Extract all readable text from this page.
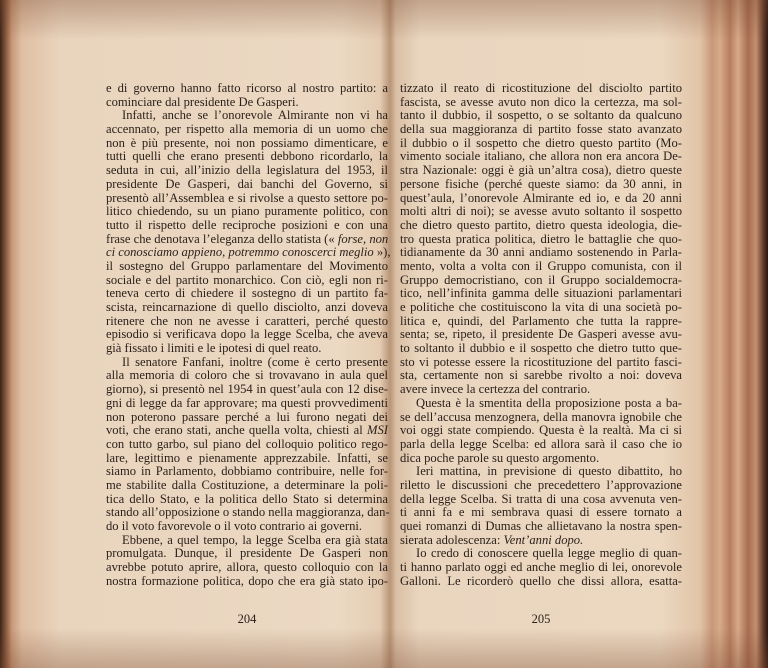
e di governo hanno fatto ricorso al nostro partito: a
cominciare dal presidente De Gasperi.
Infatti, anche se l’onorevole Almirante non vi ha
accennato, per rispetto alla memoria di un uomo che
non è più presente, noi non possiamo dimenticare, e
tutti quelli che erano presenti debbono ricordarlo, la
seduta in cui, all’inizio della legislatura del 1953, il
presidente De Gasperi, dai banchi del Governo, si
presentò all’Assemblea e si rivolse a questo settore po-
litico chiedendo, su un piano puramente politico, con
tutto il rispetto delle reciproche posizioni e con una
frase che denotava l’eleganza dello statista (« forse, non
ci conosciamo appieno, potremmo conoscerci meglio »),
il sostegno del Gruppo parlamentare del Movimento
sociale e del partito monarchico. Con ciò, egli non ri-
teneva certo di chiedere il sostegno di un partito fa-
scista, reincarnazione di quello disciolto, anzi doveva
ritenere che non ne avesse i caratteri, perché questo
episodio si verificava dopo la legge Scelba, che aveva
già fissato i limiti e le ipotesi di quel reato.
Il senatore Fanfani, inoltre (come è certo presente
alla memoria di coloro che si trovavano in aula quel
giorno), si presentò nel 1954 in quest’aula con 12 dise-
gni di legge da far approvare; ma questi provvedimenti
non poterono passare perché a lui furono negati dei
voti, che erano stati, anche quella volta, chiesti al MSI
con tutto garbo, sul piano del colloquio politico rego-
lare, legittimo e pienamente apprezzabile. Infatti, se
siamo in Parlamento, dobbiamo contribuire, nelle for-
me stabilite dalla Costituzione, a determinare la poli-
tica dello Stato, e la politica dello Stato si determina
stando all’opposizione o stando nella maggioranza, dan-
do il voto favorevole o il voto contrario ai governi.
Ebbene, a quel tempo, la legge Scelba era già stata
promulgata. Dunque, il presidente De Gasperi non
avrebbe potuto aprire, allora, questo colloquio con la
nostra formazione politica, dopo che era già stato ipo-
tizzato il reato di ricostituzione del disciolto partito
fascista, se avesse avuto non dico la certezza, ma sol-
tanto il dubbio, il sospetto, o se soltanto da qualcuno
della sua maggioranza di partito fosse stato avanzato
il dubbio o il sospetto che dietro questo partito (Mo-
vimento sociale italiano, che allora non era ancora De-
stra Nazionale: oggi è già un’altra cosa), dietro queste
persone fisiche (perché queste siamo: da 30 anni, in
quest’aula, l’onorevole Almirante ed io, e da 20 anni
molti altri di noi); se avesse avuto soltanto il sospetto
che dietro questo partito, dietro questa ideologia, die-
tro questa pratica politica, dietro le battaglie che quo-
tidianamente da 30 anni andiamo sostenendo in Parla-
mento, volta a volta con il Gruppo comunista, con il
Gruppo democristiano, con il Gruppo socialdemocra-
tico, nell’infinita gamma delle situazioni parlamentari
e politiche che costituiscono la vita di una società po-
litica e, quindi, del Parlamento che tutta la rappre-
senta; se, ripeto, il presidente De Gasperi avesse avu-
to soltanto il dubbio e il sospetto che dietro tutto que-
sto vi potesse essere la ricostituzione del partito fasci-
sta, certamente non si sarebbe rivolto a noi: doveva
avere invece la certezza del contrario.
Questa è la smentita della proposizione posta a ba-
se dell’accusa menzognera, della manovra ignobile che
voi oggi state compiendo. Questa è la realtà. Ma ci si
parla della legge Scelba: ed allora sarà il caso che io
dica poche parole su questo argomento.
Ieri mattina, in previsione di questo dibattito, ho
riletto le discussioni che precedettero l’approvazione
della legge Scelba. Si tratta di una cosa avvenuta ven-
ti anni fa e mi sembrava quasi di essere tornato a
quei romanzi di Dumas che allietavano la nostra spen-
sierata adolescenza: Vent’anni dopo.
Io credo di conoscere quella legge meglio di quan-
ti hanno parlato oggi ed anche meglio di lei, onorevole
Galloni. Le ricorderò quello che dissi allora, esatta-
204	205
